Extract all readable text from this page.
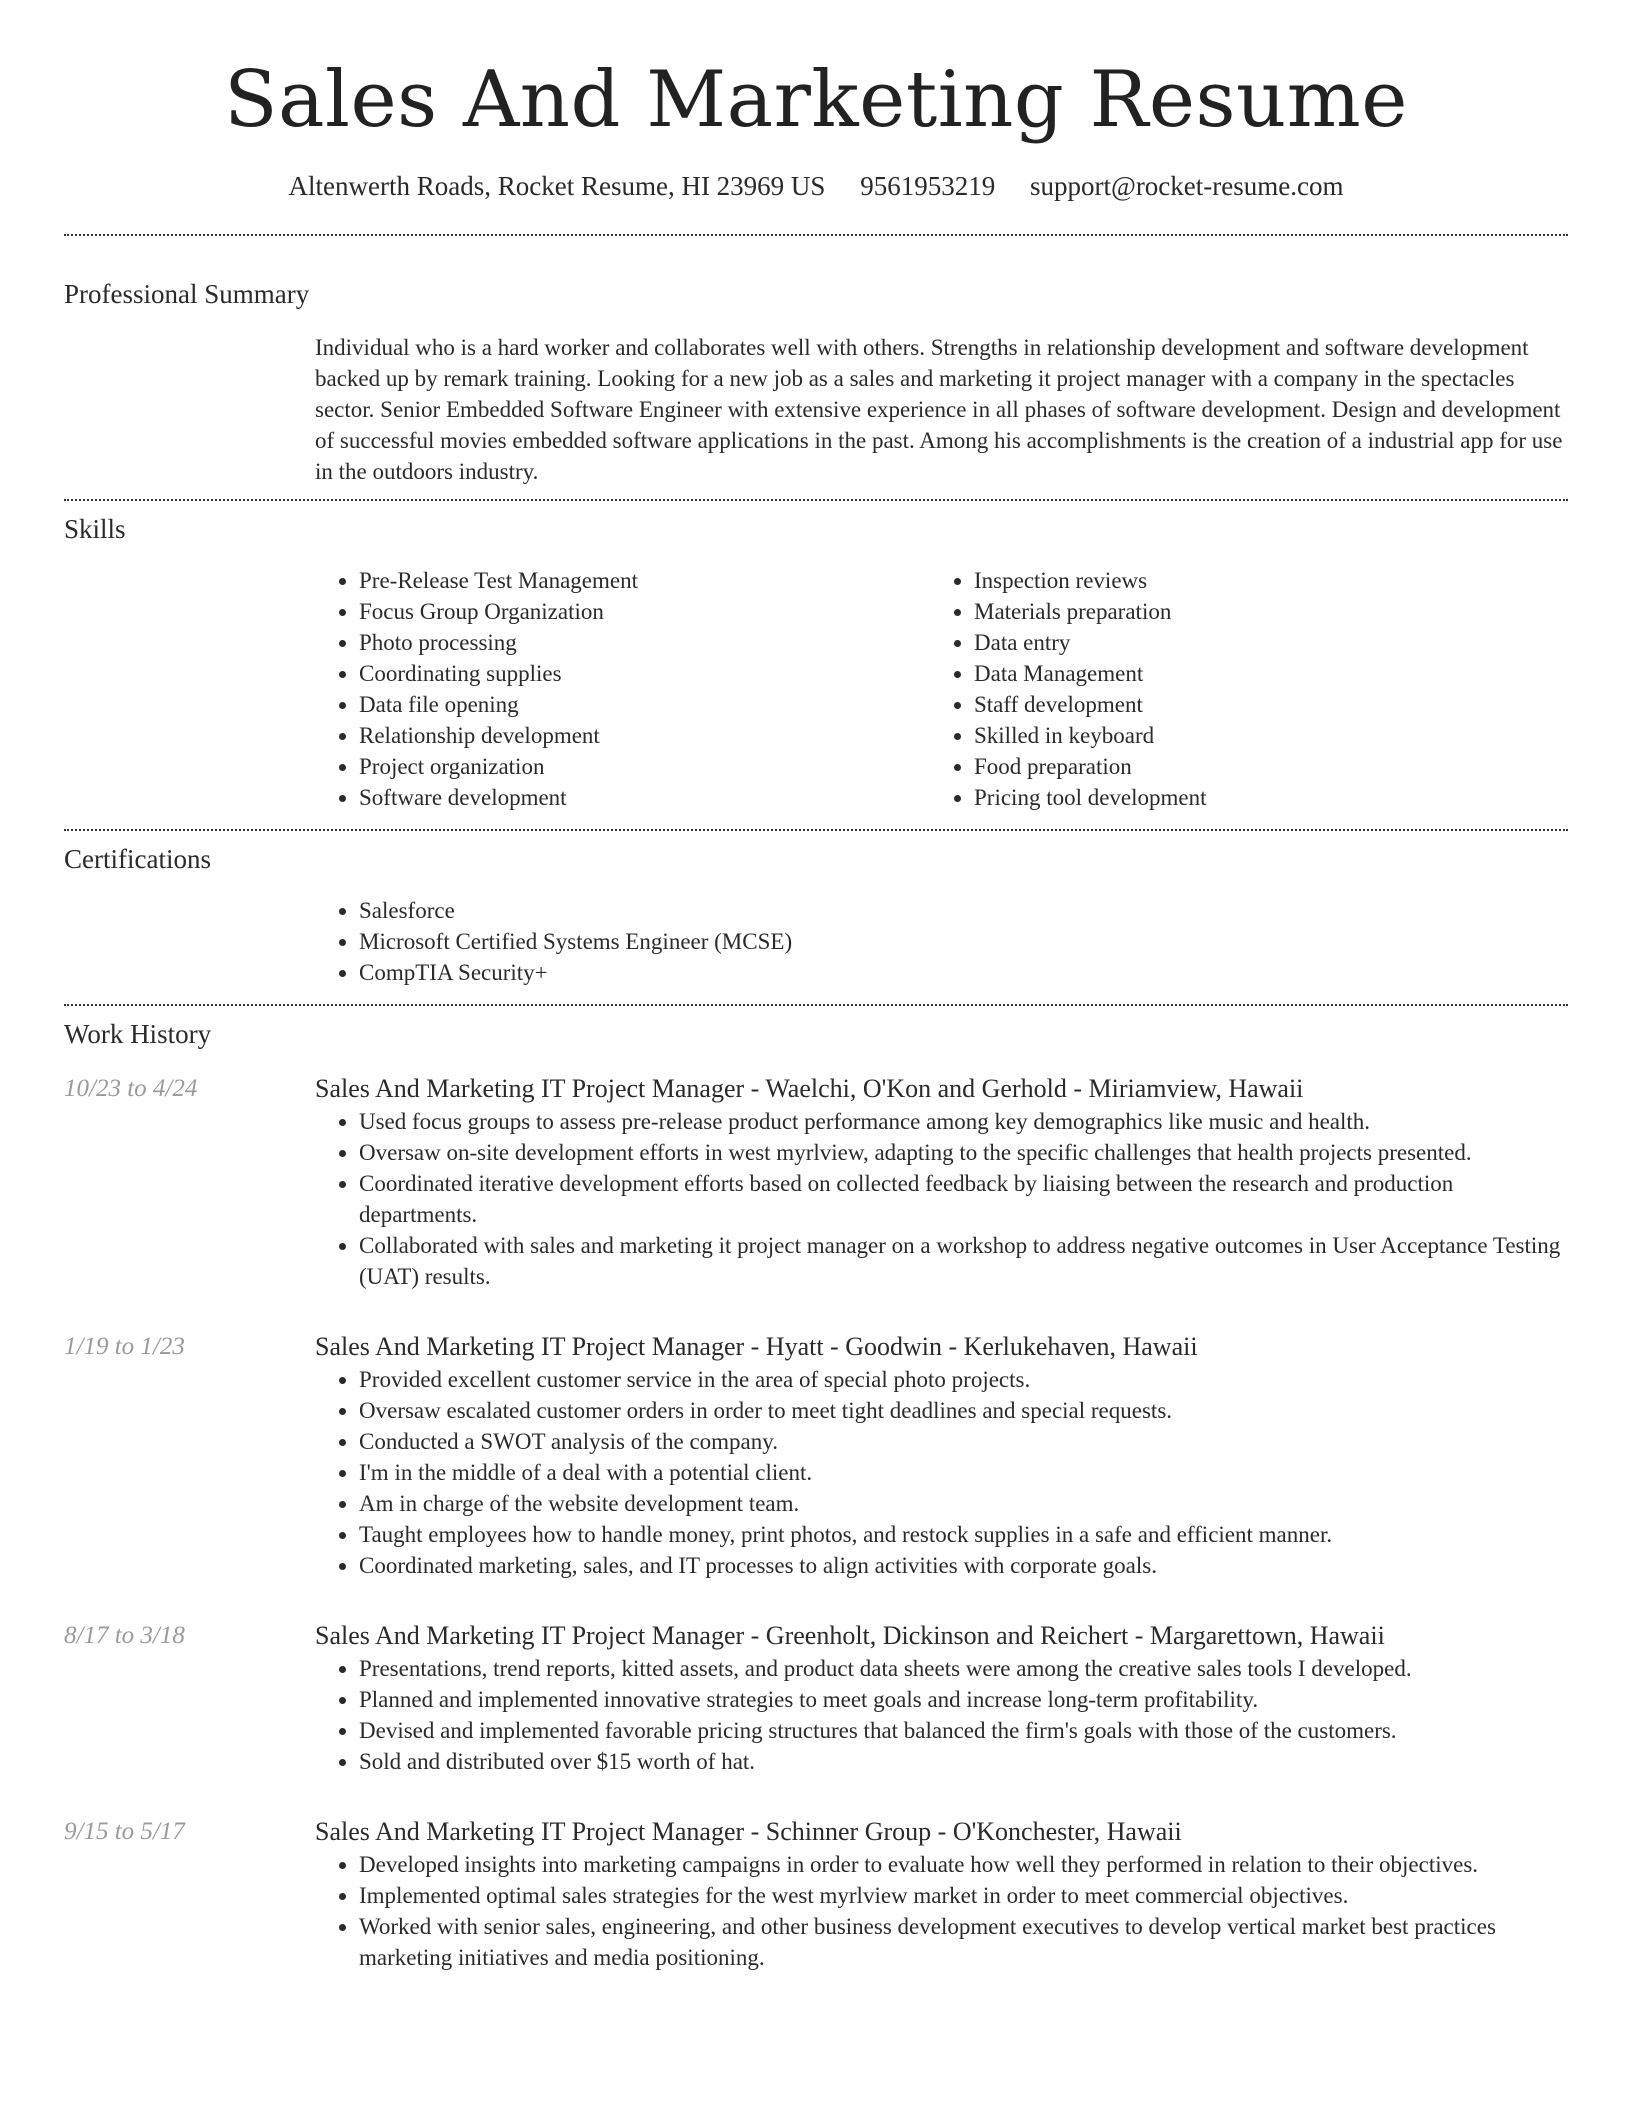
Sales And Marketing Resume
Altenwerth Roads, Rocket Resume, HI 23969 US 9561953219 support@rocket-resume.com
Professional Summary
Individual who is a hard worker and collaborates well with others. Strengths in relationship development and software development backed up by remark training. Looking for a new job as a sales and marketing it project manager with a company in the spectacles sector. Senior Embedded Software Engineer with extensive experience in all phases of software development. Design and development of successful movies embedded software applications in the past. Among his accomplishments is the creation of a industrial app for use in the outdoors industry.
Skills
• Pre-Release Test Management
• Focus Group Organization
• Photo processing
• Coordinating supplies
• Data file opening
• Relationship development
• Project organization
• Software development
• Inspection reviews
• Materials preparation
• Data entry
• Data Management
• Staff development
• Skilled in keyboard
• Food preparation
• Pricing tool development
Certifications
• Salesforce
• Microsoft Certified Systems Engineer (MCSE)
• CompTIA Security+
Work History
10/23 to 4/24	Sales And Marketing IT Project Manager - Waelchi, O'Kon and Gerhold - Miriamview, Hawaii
• Used focus groups to assess pre-release product performance among key demographics like music and health.
• Oversaw on-site development efforts in west myrlview, adapting to the specific challenges that health projects presented.
• Coordinated iterative development efforts based on collected feedback by liaising between the research and production departments.
• Collaborated with sales and marketing it project manager on a workshop to address negative outcomes in User Acceptance Testing (UAT) results.
1/19 to 1/23	Sales And Marketing IT Project Manager - Hyatt - Goodwin - Kerlukehaven, Hawaii
• Provided excellent customer service in the area of special photo projects.
• Oversaw escalated customer orders in order to meet tight deadlines and special requests.
• Conducted a SWOT analysis of the company.
• I'm in the middle of a deal with a potential client.
• Am in charge of the website development team.
• Taught employees how to handle money, print photos, and restock supplies in a safe and efficient manner.
• Coordinated marketing, sales, and IT processes to align activities with corporate goals.
8/17 to 3/18	Sales And Marketing IT Project Manager - Greenholt, Dickinson and Reichert - Margarettown, Hawaii
• Presentations, trend reports, kitted assets, and product data sheets were among the creative sales tools I developed.
• Planned and implemented innovative strategies to meet goals and increase long-term profitability.
• Devised and implemented favorable pricing structures that balanced the firm's goals with those of the customers.
• Sold and distributed over $15 worth of hat.
9/15 to 5/17	Sales And Marketing IT Project Manager - Schinner Group - O'Konchester, Hawaii
• Developed insights into marketing campaigns in order to evaluate how well they performed in relation to their objectives.
• Implemented optimal sales strategies for the west myrlview market in order to meet commercial objectives.
• Worked with senior sales, engineering, and other business development executives to develop vertical market best practices marketing initiatives and media positioning.
